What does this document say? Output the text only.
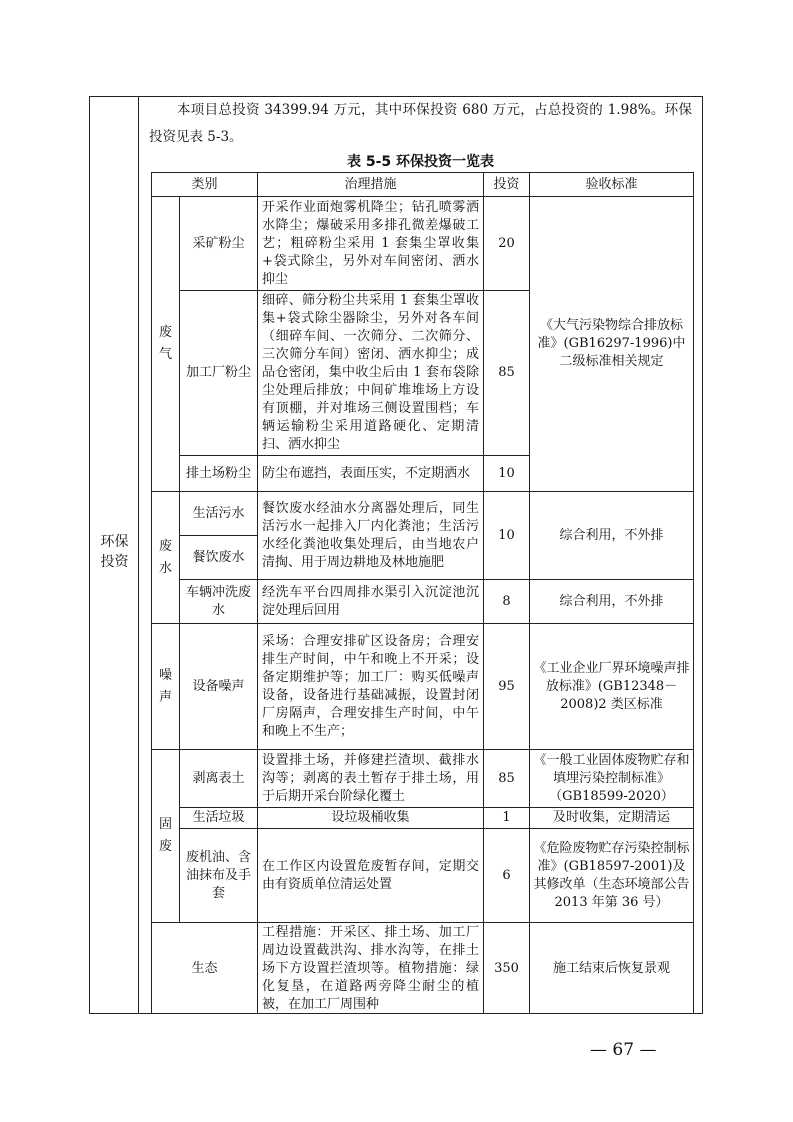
环保
投资
本项目总投资 34399.94 万元，其中环保投资 680 万元，占总投资的 1.98%。环保投资见表 5-3。
表 5-5 环保投资一览表
类别		治理措施	投资	验收标准
废气	采矿粉尘	开采作业面炮雾机降尘；钻孔喷雾洒水降尘；爆破采用多排孔微差爆破工艺；粗碎粉尘采用 1 套集尘罩收集+袋式除尘，另外对车间密闭、洒水抑尘	20	《大气污染物综合排放标准》(GB16297-1996)中二级标准相关规定
	加工厂粉尘	细碎、筛分粉尘共采用 1 套集尘罩收集+袋式除尘器除尘，另外对各车间（细碎车间、一次筛分、二次筛分、三次筛分车间）密闭、洒水抑尘；成品仓密闭，集中收尘后由 1 套布袋除尘处理后排放；中间矿堆堆场上方设有顶棚，并对堆场三侧设置围档；车辆运输粉尘采用道路硬化、定期清扫、洒水抑尘	85	
	排土场粉尘	防尘布遮挡，表面压实，不定期洒水	10	
废水	生活污水	餐饮废水经油水分离器处理后，同生活污水一起排入厂内化粪池；生活污水经化粪池收集处理后，由当地农户清掏、用于周边耕地及林地施肥	10	综合利用，不外排
	餐饮废水			
	车辆冲洗废水	经洗车平台四周排水渠引入沉淀池沉淀处理后回用	8	综合利用，不外排
噪声	设备噪声	采场：合理安排矿区设备房；合理安排生产时间，中午和晚上不开采；设备定期维护等；加工厂：购买低噪声设备，设备进行基础减振，设置封闭厂房隔声，合理安排生产时间，中午和晚上不生产；	95	《工业企业厂界环境噪声排放标准》(GB12348－2008)2 类区标准
固废	剥离表土	设置排土场，并修建拦渣坝、截排水沟等；剥离的表土暂存于排土场，用于后期开采台阶绿化覆土	85	《一般工业固体废物贮存和填埋污染控制标准》（GB18599-2020）
	生活垃圾	设垃圾桶收集	1	及时收集，定期清运
	废机油、含油抹布及手套	在工作区内设置危废暂存间，定期交由有资质单位清运处置	6	《危险废物贮存污染控制标准》(GB18597-2001)及其修改单（生态环境部公告 2013 年第 36 号）
生态		工程措施：开采区、排土场、加工厂周边设置截洪沟、排水沟等，在排土场下方设置拦渣坝等。植物措施：绿化复垦，在道路两旁降尘耐尘的植被，在加工厂周围种	350	施工结束后恢复景观
— 67 —
